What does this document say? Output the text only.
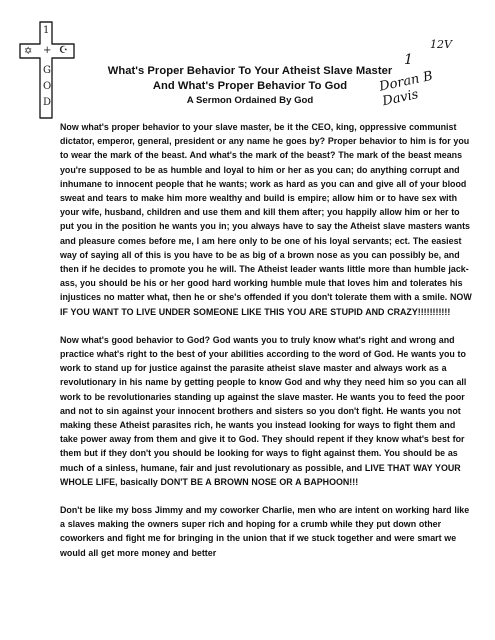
1
✡	☪
+
G
O
D
12V
1
Doran B Davis
What's Proper Behavior To Your Atheist Slave Master
And What's Proper Behavior To God
A Sermon Ordained By God

Now what's proper behavior to your slave master, be it the CEO, king, oppressive communist dictator, emperor, general, president or any name he goes by? Proper behavior to him is for you to wear the mark of the beast. And what's the mark of the beast? The mark of the beast means you're supposed to be as humble and loyal to him or her as you can; do anything corrupt and inhumane to innocent people that he wants; work as hard as you can and give all of your blood sweat and tears to make him more wealthy and build is empire; allow him or to have sex with your wife, husband, children and use them and kill them after; you happily allow him or her to put you in the position he wants you in; you always have to say the Atheist slave masters wants and pleasure comes before me, I am here only to be one of his loyal servants; ect. The easiest way of saying all of this is you have to be as big of a brown nose as you can possibly be, and then if he decides to promote you he will. The Atheist leader wants little more than humble jack-ass, you should be his or her good hard working humble mule that loves him and tolerates his injustices no matter what, then he or she's offended if you don't tolerate them with a smile. NOW IF YOU WANT TO LIVE UNDER SOMEONE LIKE THIS YOU ARE STUPID AND CRAZY!!!!!!!!!!!

Now what's good behavior to God? God wants you to truly know what's right and wrong and practice what's right to the best of your abilities according to the word of God. He wants you to work to stand up for justice against the parasite atheist slave master and always work as a revolutionary in his name by getting people to know God and why they need him so you can all work to be revolutionaries standing up against the slave master. He wants you to feed the poor and not to sin against your innocent brothers and sisters so you don't fight. He wants you not making these Atheist parasites rich, he wants you instead looking for ways to fight them and take power away from them and give it to God. They should repent if they know what's best for them but if they don't you should be looking for ways to fight against them. You should be as much of a sinless, humane, fair and just revolutionary as possible, and LIVE THAT WAY YOUR WHOLE LIFE, basically DON'T BE A BROWN NOSE OR A BAPHOON!!!

Don't be like my boss Jimmy and my coworker Charlie, men who are intent on working hard like a slaves making the owners super rich and hoping for a crumb while they put down other coworkers and fight me for bringing in the union that if we stuck together and were smart we would all get more money and better
